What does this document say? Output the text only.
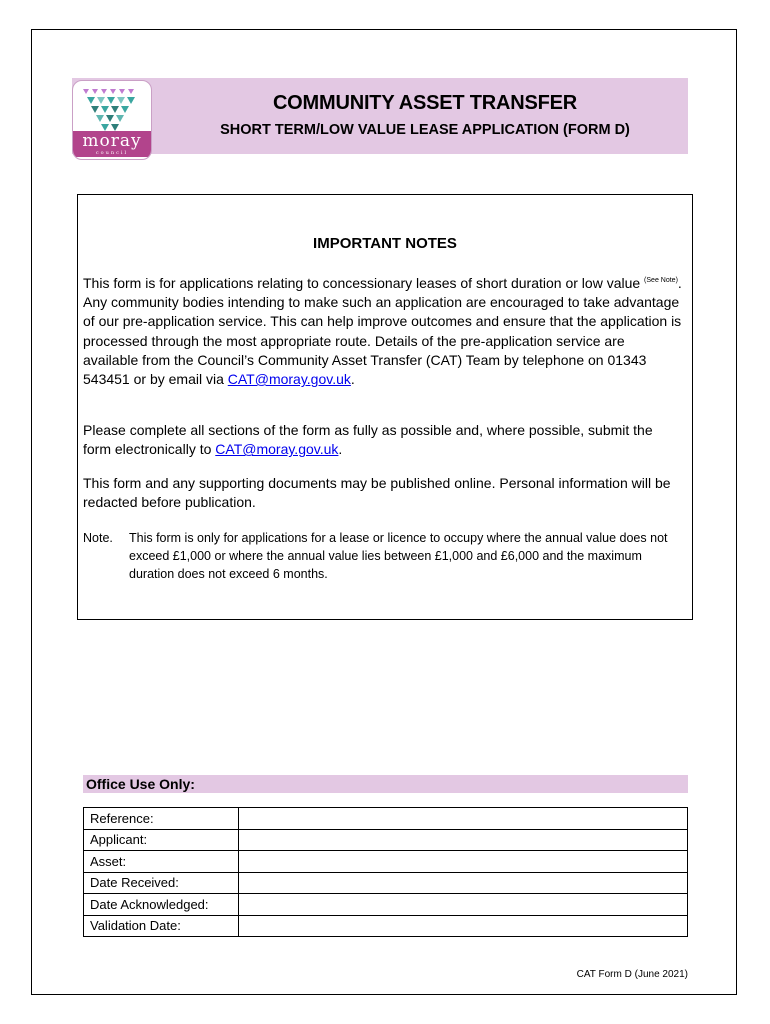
moray
council
COMMUNITY ASSET TRANSFER
SHORT TERM/LOW VALUE LEASE APPLICATION (FORM D)
IMPORTANT NOTES
This form is for applications relating to concessionary leases of short duration or low value $^{(See Note)}$. Any community bodies intending to make such an application are encouraged to take advantage of our pre-application service. This can help improve outcomes and ensure that the application is processed through the most appropriate route. Details of the pre-application service are available from the Council’s Community Asset Transfer (CAT) Team by telephone on 01343 543451 or by email via CAT@moray.gov.uk.
Please complete all sections of the form as fully as possible and, where possible, submit the form electronically to CAT@moray.gov.uk.
This form and any supporting documents may be published online. Personal information will be redacted before publication.
Note. This form is only for applications for a lease or licence to occupy where the annual value does not exceed £1,000 or where the annual value lies between £1,000 and £6,000 and the maximum duration does not exceed 6 months.
Office Use Only:
Reference:	
Applicant:	
Asset:	
Date Received:	
Date Acknowledged:	
Validation Date:	
CAT Form D (June 2021)
